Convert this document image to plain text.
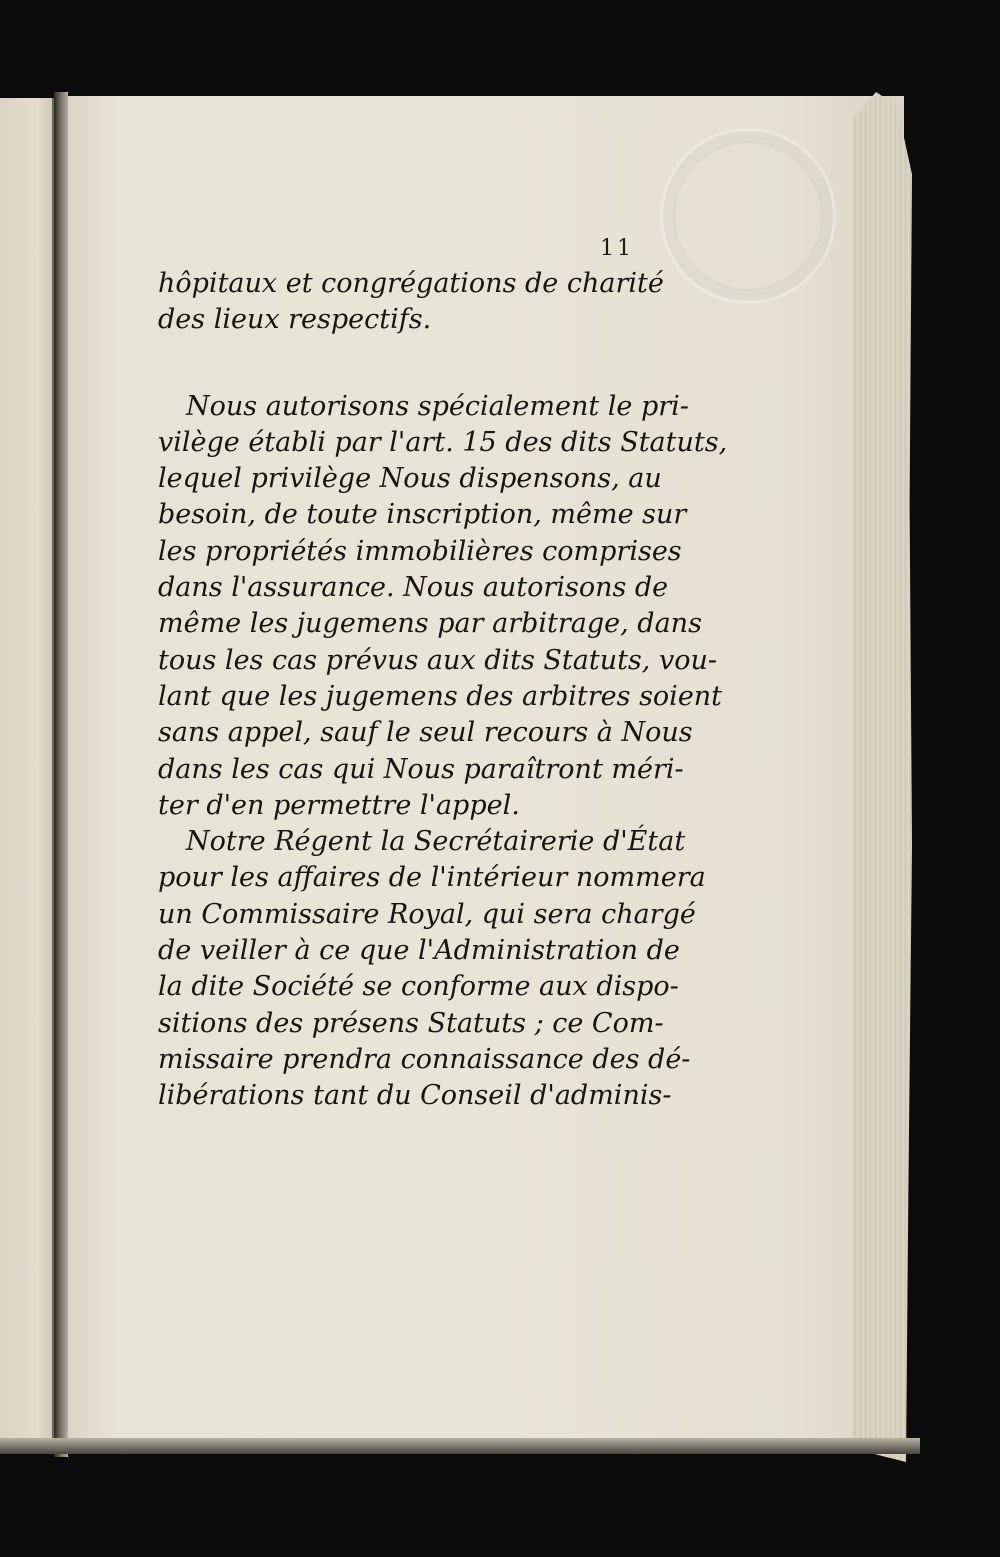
11
hôpitaux et congrégations de charité
des lieux respectifs.
Nous autorisons spécialement le pri-
vilège établi par l'art. 15 des dits Statuts,
lequel privilège Nous dispensons, au
besoin, de toute inscription, même sur
les propriétés immobilières comprises
dans l'assurance. Nous autorisons de
même les jugemens par arbitrage, dans
tous les cas prévus aux dits Statuts, vou-
lant que les jugemens des arbitres soient
sans appel, sauf le seul recours à Nous
dans les cas qui Nous paraîtront méri-
ter d'en permettre l'appel.
Notre Régent la Secrétairerie d'État
pour les affaires de l'intérieur nommera
un Commissaire Royal, qui sera chargé
de veiller à ce que l'Administration de
la dite Société se conforme aux dispo-
sitions des présens Statuts ; ce Com-
missaire prendra connaissance des dé-
libérations tant du Conseil d'adminis-
